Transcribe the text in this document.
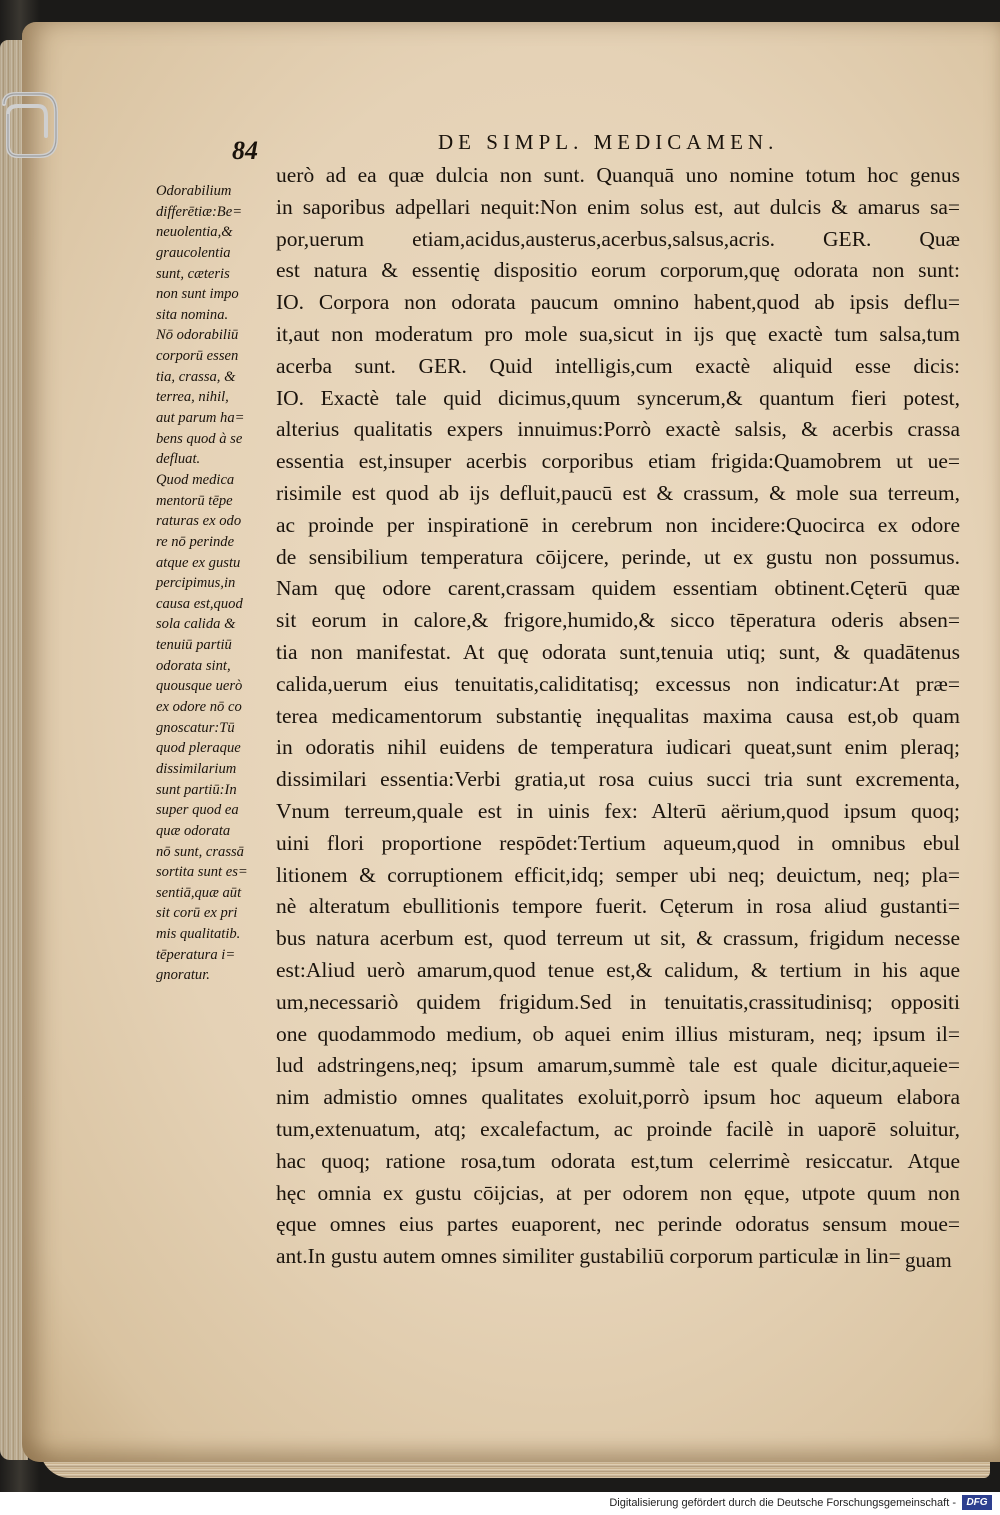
84	DE SIMPL. MEDICAMEN.
Odorabilium
differētiæ:Be=
neuolentia,&
graucolentia
sunt, cæteris
non sunt impo
sita nomina.
Nō odorabiliū
corporū essen
tia, crassa, &
terrea, nihil,
aut parum ha=
bens quod à se
defluat.
Quod medica
mentorū tēpe
raturas ex odo
re nō perinde
atque ex gustu
percipimus,in
causa est,quod
sola calida &
tenuiū partiū
odorata sint,
quousque uerò
ex odore nō co
gnoscatur:Tū
quod pleraque
dissimilarium
sunt partiū:In
super quod ea
quæ odorata
nō sunt, crassā
sortita sunt es=
sentiā,quæ aūt
sit corū ex pri
mis qualitatib.
tēperatura i=
gnoratur.
uerò ad ea quæ dulcia non sunt. Quanquā uno nomine totum hoc genus
in saporibus adpellari nequit:Non enim solus est, aut dulcis & amarus sa=
por,uerum etiam,acidus,austerus,acerbus,salsus,acris. GER. Quæ
est natura & essentię dispositio eorum corporum,quę odorata non sunt:
IO. Corpora non odorata paucum omnino habent,quod ab ipsis deflu=
it,aut non moderatum pro mole sua,sicut in ijs quę exactè tum salsa,tum
acerba sunt. GER. Quid intelligis,cum exactè aliquid esse dicis:
IO. Exactè tale quid dicimus,quum syncerum,& quantum fieri potest,
alterius qualitatis expers innuimus:Porrò exactè salsis, & acerbis crassa
essentia est,insuper acerbis corporibus etiam frigida:Quamobrem ut ue=
risimile est quod ab ijs defluit,paucū est & crassum, & mole sua terreum,
ac proinde per inspirationē in cerebrum non incidere:Quocirca ex odore
de sensibilium temperatura cōijcere, perinde, ut ex gustu non possumus.
Nam quę odore carent,crassam quidem essentiam obtinent.Cęterū quæ
sit eorum in calore,& frigore,humido,& sicco tēperatura oderis absen=
tia non manifestat. At quę odorata sunt,tenuia utiq; sunt, & quadātenus
calida,uerum eius tenuitatis,caliditatisq; excessus non indicatur:At præ=
terea medicamentorum substantię inęqualitas maxima causa est,ob quam
in odoratis nihil euidens de temperatura iudicari queat,sunt enim pleraq;
dissimilari essentia:Verbi gratia,ut rosa cuius succi tria sunt excrementa,
Vnum terreum,quale est in uinis fex: Alterū aërium,quod ipsum quoq;
uini flori proportione respōdet:Tertium aqueum,quod in omnibus ebul
litionem & corruptionem efficit,idq; semper ubi neq; deuictum, neq; pla=
nè alteratum ebullitionis tempore fuerit. Cęterum in rosa aliud gustanti=
bus natura acerbum est, quod terreum ut sit, & crassum, frigidum necesse
est:Aliud uerò amarum,quod tenue est,& calidum, & tertium in his aque
um,necessariò quidem frigidum.Sed in tenuitatis,crassitudinisq; oppositi
one quodammodo medium, ob aquei enim illius misturam, neq; ipsum il=
lud adstringens,neq; ipsum amarum,summè tale est quale dicitur,aqueie=
nim admistio omnes qualitates exoluit,porrò ipsum hoc aqueum elabora
tum,extenuatum, atq; excalefactum, ac proinde facilè in uaporē soluitur,
hac quoq; ratione rosa,tum odorata est,tum celerrimè resiccatur. Atque
hęc omnia ex gustu cōijcias, at per odorem non ęque, utpote quum non
ęque omnes eius partes euaporent, nec perinde odoratus sensum moue=
ant.In gustu autem omnes similiter gustabiliū corporum particulæ in lin= guam
Digitalisierung gefördert durch die Deutsche Forschungsgemeinschaft -	DFG
